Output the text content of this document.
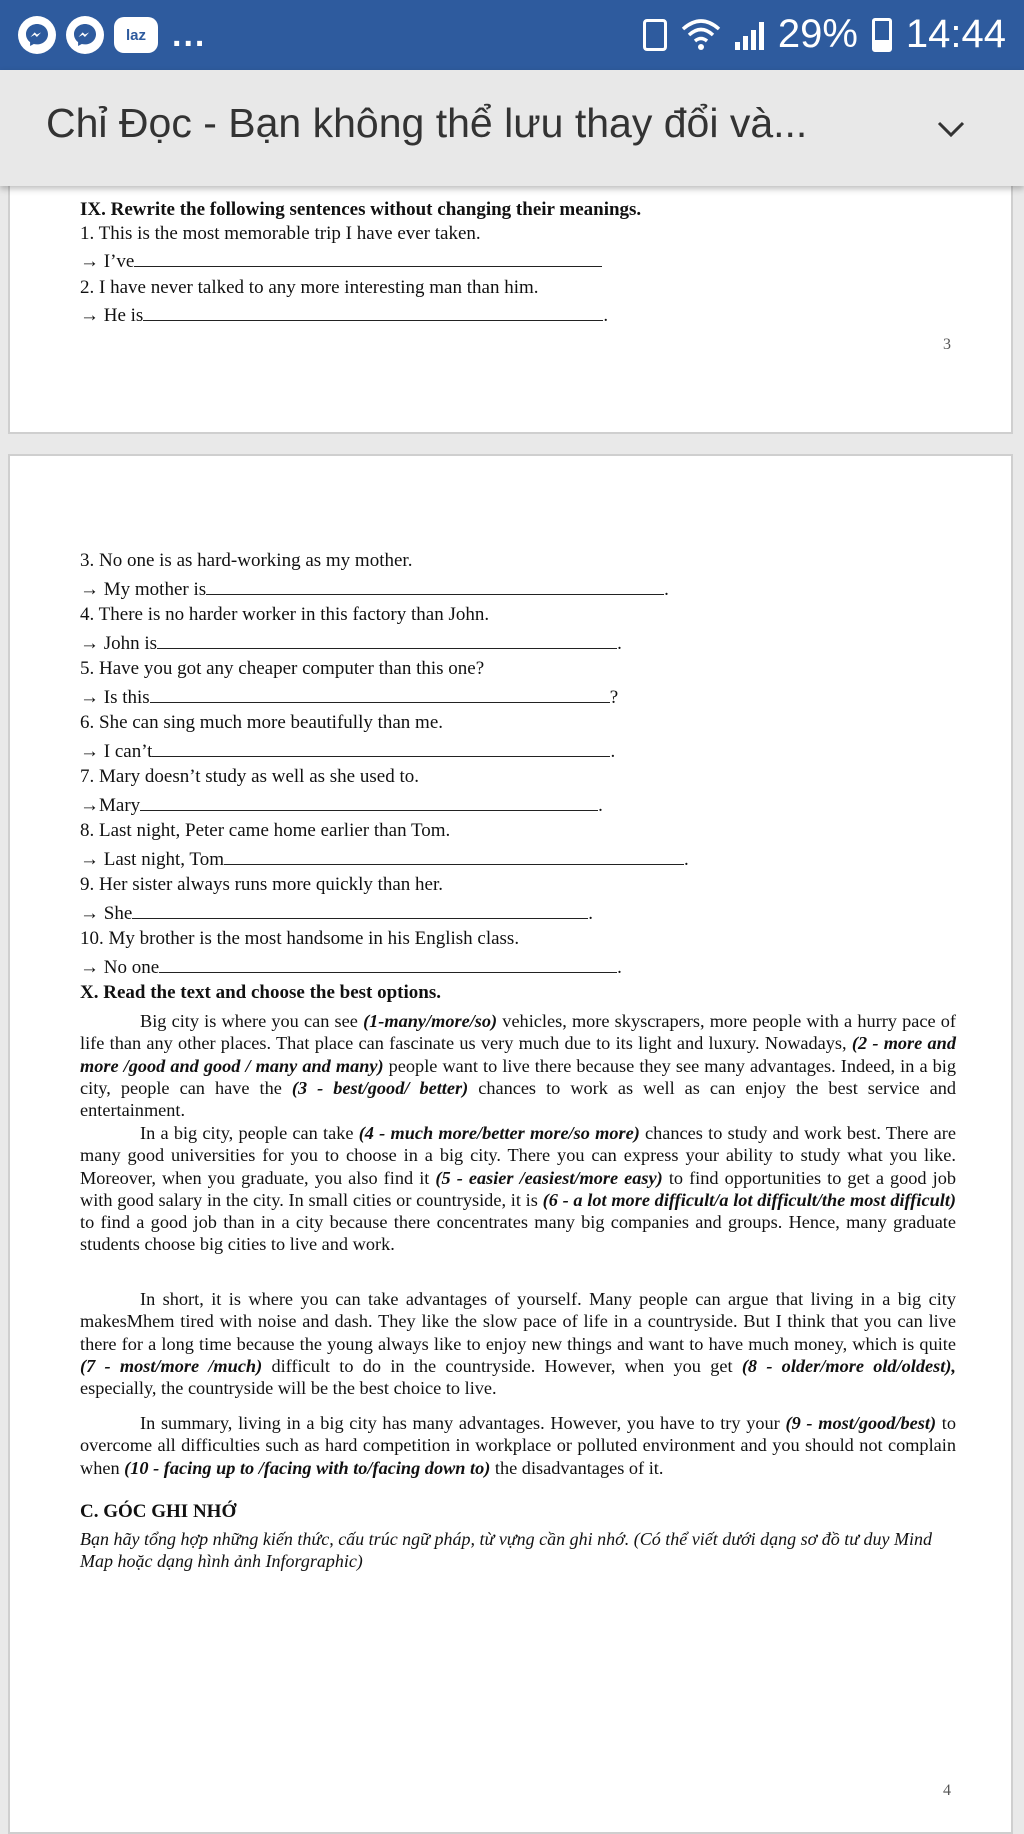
laz ...	29% 14:44
Chỉ Đọc - Bạn không thể lưu thay đổi và...
IX. Rewrite the following sentences without changing their meanings.
1. This is the most memorable trip I have ever taken.
→ I’ve
2. I have never talked to any more interesting man than him.
→ He is	.
3
3. No one is as hard-working as my mother.
→ My mother is	.
4. There is no harder worker in this factory than John.
→ John is	.
5. Have you got any cheaper computer than this one?
→ Is this	?
6. She can sing much more beautifully than me.
→ I can’t	.
7. Mary doesn’t study as well as she used to.
→Mary	.
8. Last night, Peter came home earlier than Tom.
→ Last night, Tom	.
9. Her sister always runs more quickly than her.
→ She	.
10. My brother is the most handsome in his English class.
→ No one	.
X. Read the text and choose the best options.

Big city is where you can see (1-many/more/so) vehicles, more skyscrapers, more people with a hurry pace of life than any other places. That place can fascinate us very much due to its light and luxury. Nowadays, (2 - more and more /good and good / many and many) people want to live there because they see many advantages. Indeed, in a big city, people can have the (3 - best/good/ better) chances to work as well as can enjoy the best service and entertainment.

In a big city, people can take (4 - much more/better more/so more) chances to study and work best. There are many good universities for you to choose in a big city. There you can express your ability to study what you like. Moreover, when you graduate, you also find it (5 - easier /easiest/more easy) to find opportunities to get a good job with good salary in the city. In small cities or countryside, it is (6 - a lot more difficult/a lot difficult/the most difficult) to find a good job than in a city because there concentrates many big companies and groups. Hence, many graduate students choose big cities to live and work.

In short, it is where you can take advantages of yourself. Many people can argue that living in a big city makesMhem tired with noise and dash. They like the slow pace of life in a countryside. But I think that you can live there for a long time because the young always like to enjoy new things and want to have much money, which is quite (7 - most/more /much) difficult to do in the countryside. However, when you get (8 - older/more old/oldest), especially, the countryside will be the best choice to live.

In summary, living in a big city has many advantages. However, you have to try your (9 - most/good/best) to overcome all difficulties such as hard competition in workplace or polluted environment and you should not complain when (10 - facing up to /facing with to/facing down to) the disadvantages of it.

C. GÓC GHI NHỚ

Bạn hãy tổng hợp những kiến thức, cấu trúc ngữ pháp, từ vựng cần ghi nhớ. (Có thể viết dưới dạng sơ đồ tư duy Mind Map hoặc dạng hình ảnh Inforgraphic)

4
